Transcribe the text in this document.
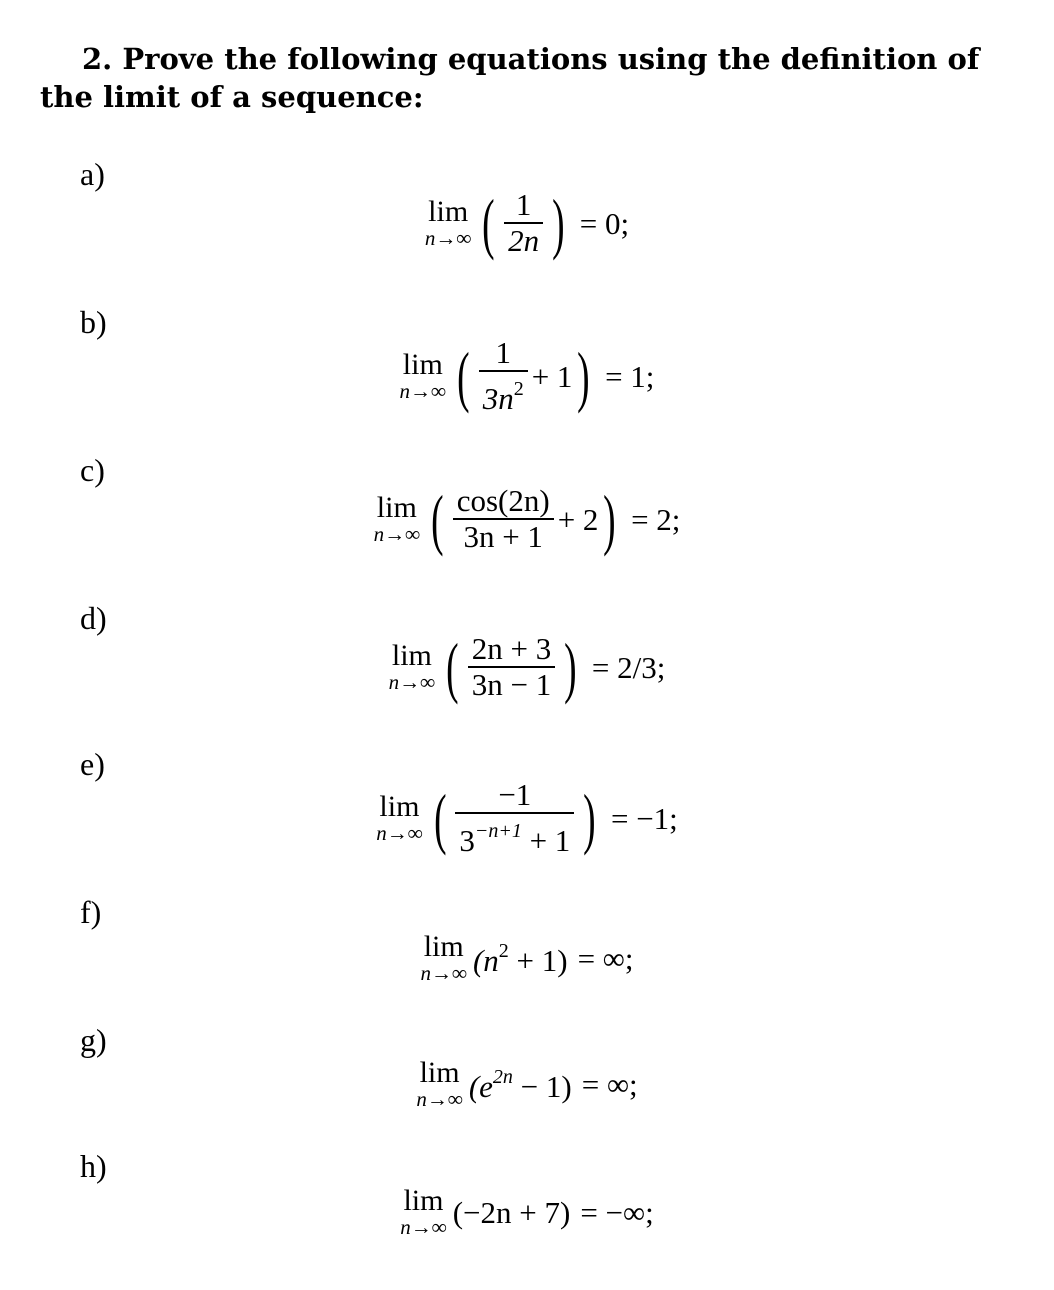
2. Prove the following equations using the definition of
the limit of a sequence:
a)
lim
n→∞ ( $\frac{1}{2n}$ ) = 0;
b)
lim
n→∞ ( $\frac{1}{3n^2} + 1$ ) = 1;
c)
lim
n→∞ ( $\frac{\cos(2n)}{3n + 1} + 2$ ) = 2;
d)
lim
n→∞ ( $\frac{2n + 3}{3n - 1}$ ) = 2/3;
e)
lim
n→∞ ( $\frac{-1}{3^{-n+1} + 1}$ ) = −1;
f)
lim
n→∞ $(n^2 + 1)$ = ∞;
g)
lim
n→∞ $(e^{2n} - 1)$ = ∞;
h)
lim
n→∞ (−2n + 7) = −∞;
